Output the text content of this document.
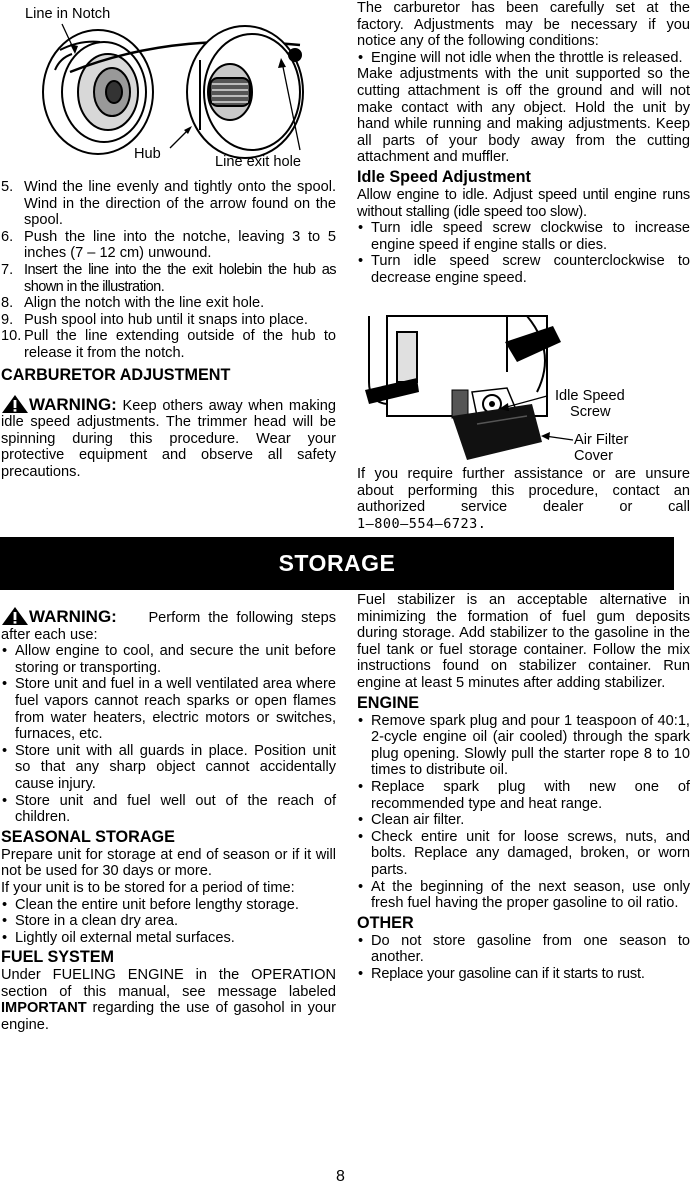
Line in Notch
Hub	Line exit hole
5. Wind the line evenly and tightly onto the spool. Wind in the direction of the arrow found on the spool.
6. Push the line into the notche, leaving 3 to 5 inches (7 – 12 cm) unwound.
7. Insert the line into the the exit holebin the hub as shown in the illustration.
8. Align the notch with the line exit hole.
9. Push spool into hub until it snaps into place.
10. Pull the line extending outside of the hub to release it from the notch.
CARBURETOR ADJUSTMENT

WARNING: Keep others away when making idle speed adjustments. The trimmer head will be spinning during this procedure. Wear your protective equipment and observe all safety precautions.

The carburetor has been carefully set at the factory. Adjustments may be necessary if you notice any of the following conditions:

• Engine will not idle when the throttle is released.

Make adjustments with the unit supported so the cutting attachment is off the ground and will not make contact with any object. Hold the unit by hand while running and making adjustments. Keep all parts of your body away from the cutting attachment and muffler.

Idle Speed Adjustment

Allow engine to idle. Adjust speed until engine runs without stalling (idle speed too slow).

• Turn idle speed screw clockwise to increase engine speed if engine stalls or dies.
• Turn idle speed screw counterclockwise to decrease engine speed.
Idle Speed
Screw
Air Filter
Cover

If you require further assistance or are unsure about performing this procedure, contact an authorized service dealer or call

1–800–554–6723.
STORAGE

WARNING: Perform the following steps after each use:

• Allow engine to cool, and secure the unit before storing or transporting.
• Store unit and fuel in a well ventilated area where fuel vapors cannot reach sparks or open flames from water heaters, electric motors or switches, furnaces, etc.
• Store unit with all guards in place. Position unit so that any sharp object cannot accidentally cause injury.
• Store unit and fuel well out of the reach of children.
SEASONAL STORAGE

Prepare unit for storage at end of season or if it will not be used for 30 days or more.

If your unit is to be stored for a period of time:

• Clean the entire unit before lengthy storage.
• Store in a clean dry area.
• Lightly oil external metal surfaces.
FUEL SYSTEM

Under FUELING ENGINE in the OPERATION section of this manual, see message labeled IMPORTANT regarding the use of gasohol in your engine.

Fuel stabilizer is an acceptable alternative in minimizing the formation of fuel gum deposits during storage. Add stabilizer to the gasoline in the fuel tank or fuel storage container. Follow the mix instructions found on stabilizer container. Run engine at least 5 minutes after adding stabilizer.

ENGINE
• Remove spark plug and pour 1 teaspoon of 40:1, 2-cycle engine oil (air cooled) through the spark plug opening. Slowly pull the starter rope 8 to 10 times to distribute oil.
• Replace spark plug with new one of recommended type and heat range.
• Clean air filter.
• Check entire unit for loose screws, nuts, and bolts. Replace any damaged, broken, or worn parts.
• At the beginning of the next season, use only fresh fuel having the proper gasoline to oil ratio.
OTHER
• Do not store gasoline from one season to another.
• Replace your gasoline can if it starts to rust.
8
